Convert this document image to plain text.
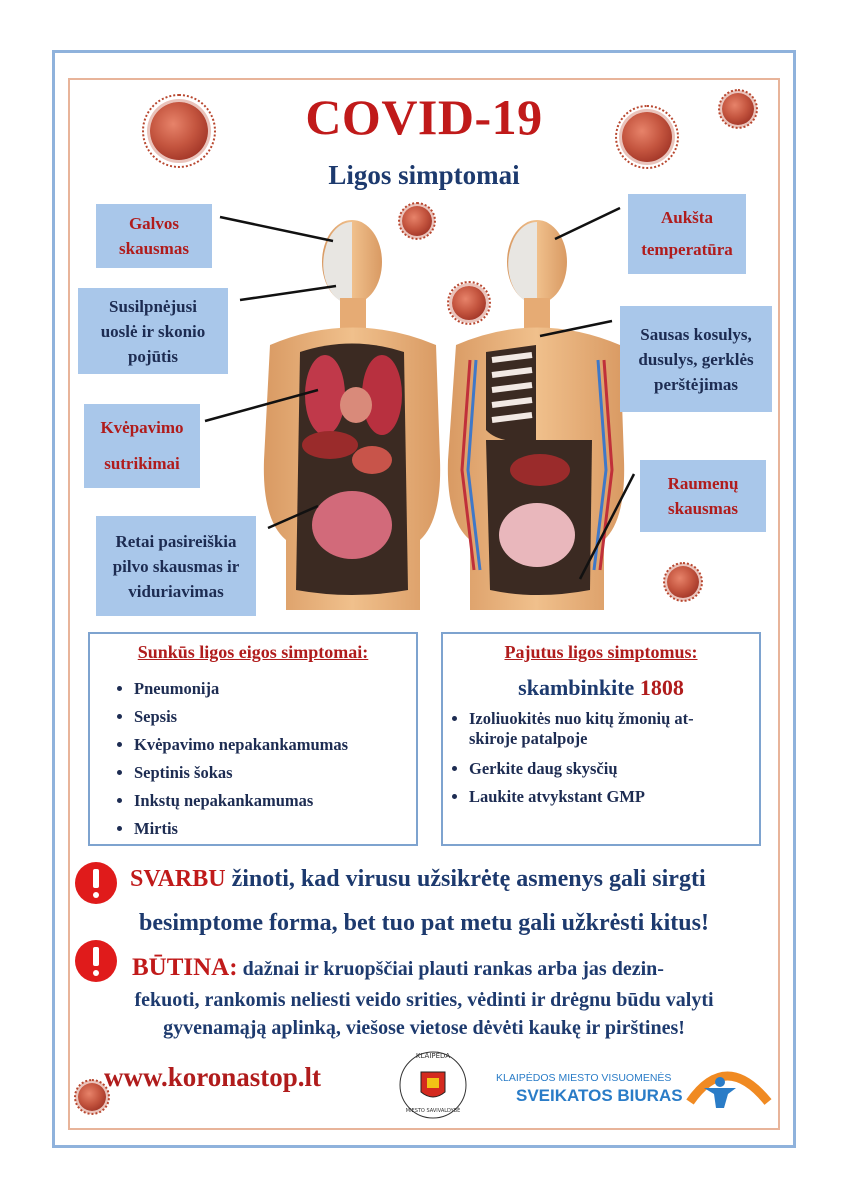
COVID-19
Ligos simptomai
Galvos
skausmas
Susilpnėjusi
uoslė ir skonio
pojūtis
Kvėpavimo
sutrikimai
Retai pasireiškia
pilvo skausmas ir
viduriavimas
Aukšta
temperatūra
Sausas kosulys,
dusulys, gerklės
perštėjimas
Raumenų
skausmas
Sunkūs ligos eigos simptomai:
• Pneumonija
• Sepsis
• Kvėpavimo nepakankamumas
• Septinis šokas
• Inkstų nepakankamumas
• Mirtis
Pajutus ligos simptomus:
skambinkite 1808
• Izoliuokitės nuo kitų žmonių at-
skiroje patalpoje
• Gerkite daug skysčių
• Laukite atvykstant GMP
SVARBU žinoti, kad virusu užsikrėtę asmenys gali sirgti
besimptome forma, bet tuo pat metu gali užkrėsti kitus!
BŪTINA: dažnai ir kruopščiai plauti rankas arba jas dezin-
fekuoti, rankomis neliesti veido srities, vėdinti ir drėgnu būdu valyti
gyvenamąją aplinką, viešose vietose dėvėti kaukę ir pirštines!
www.koronastop.lt
KLAIPĖDA
MIESTO SAVIVALDYBĖ
KLAIPĖDOS MIESTO VISUOMENĖS
SVEIKATOS BIURAS
